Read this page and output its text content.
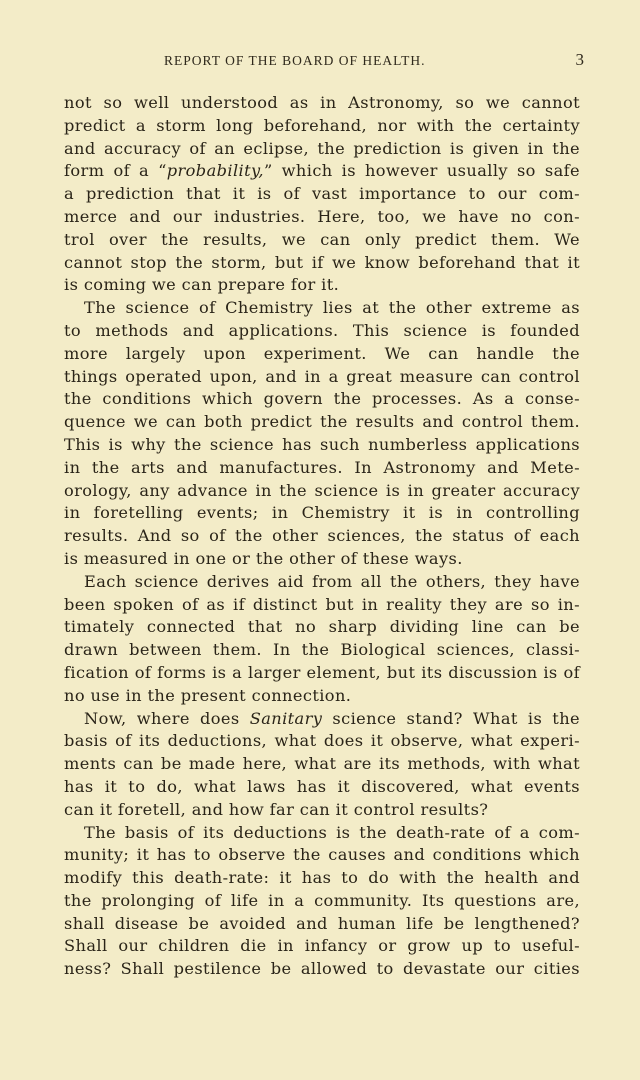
REPORT OF THE BOARD OF HEALTH.	3
not so well understood as in Astronomy, so we cannot
predict a storm long beforehand, nor with the certainty
and accuracy of an eclipse, the prediction is given in the
form of a “probability,” which is however usually so safe
a prediction that it is of vast importance to our com-
merce and our industries. Here, too, we have no con-
trol over the results, we can only predict them. We
cannot stop the storm, but if we know beforehand that it
is coming we can prepare for it.
The science of Chemistry lies at the other extreme as
to methods and applications. This science is founded
more largely upon experiment. We can handle the
things operated upon, and in a great measure can control
the conditions which govern the processes. As a conse-
quence we can both predict the results and control them.
This is why the science has such numberless applications
in the arts and manufactures. In Astronomy and Mete-
orology, any advance in the science is in greater accuracy
in foretelling events; in Chemistry it is in controlling
results. And so of the other sciences, the status of each
is measured in one or the other of these ways.
Each science derives aid from all the others, they have
been spoken of as if distinct but in reality they are so in-
timately connected that no sharp dividing line can be
drawn between them. In the Biological sciences, classi-
fication of forms is a larger element, but its discussion is of
no use in the present connection.
Now, where does Sanitary science stand? What is the
basis of its deductions, what does it observe, what experi-
ments can be made here, what are its methods, with what
has it to do, what laws has it discovered, what events
can it foretell, and how far can it control results?
The basis of its deductions is the death-rate of a com-
munity; it has to observe the causes and conditions which
modify this death-rate: it has to do with the health and
the prolonging of life in a community. Its questions are,
shall disease be avoided and human life be lengthened?
Shall our children die in infancy or grow up to useful-
ness? Shall pestilence be allowed to devastate our cities
